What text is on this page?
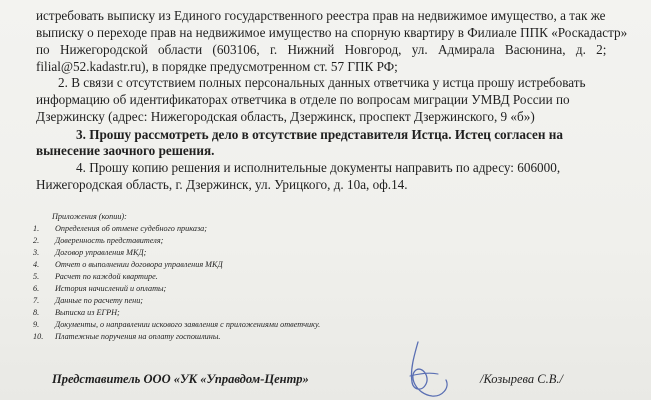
истребовать выписку из Единого государственного реестра прав на недвижимое имущество, а так же
выписку о переходе прав на недвижимое имущество на спорную квартиру в Филиале ППК «Роскадастр»
по Нижегородской области (603106, г. Нижний Новгород, ул. Адмирала Васюнина, д. 2;
filial@52.kadastr.ru), в порядке предусмотренном ст. 57 ГПК РФ;
2. В связи с отсутствием полных персональных данных ответчика у истца прошу истребовать
информацию об идентификаторах ответчика в отделе по вопросам миграции УМВД России по
Дзержинску (адрес: Нижегородская область, Дзержинск, проспект Дзержинского, 9 «б»)
3. Прошу рассмотреть дело в отсутствие представителя Истца. Истец согласен на
вынесение заочного решения.
4. Прошу копию решения и исполнительные документы направить по адресу: 606000,
Нижегородская область, г. Дзержинск, ул. Урицкого, д. 10а, оф.14.
Приложения (копии):
1. Определения об отмене судебного приказа;
2. Доверенность представителя;
3. Договор управления МКД;
4. Отчет о выполнении договора управления МКД
5. Расчет по каждой квартире.
6. История начислений и оплаты;
7. Данные по расчету пени;
8. Выписка из ЕГРН;
9. Документы, о направлении искового заявления с приложениями ответчику.
10. Платежные поручения на оплату госпошлины.
Представитель ООО «УК «Управдом-Центр»	/Козырева С.В./
